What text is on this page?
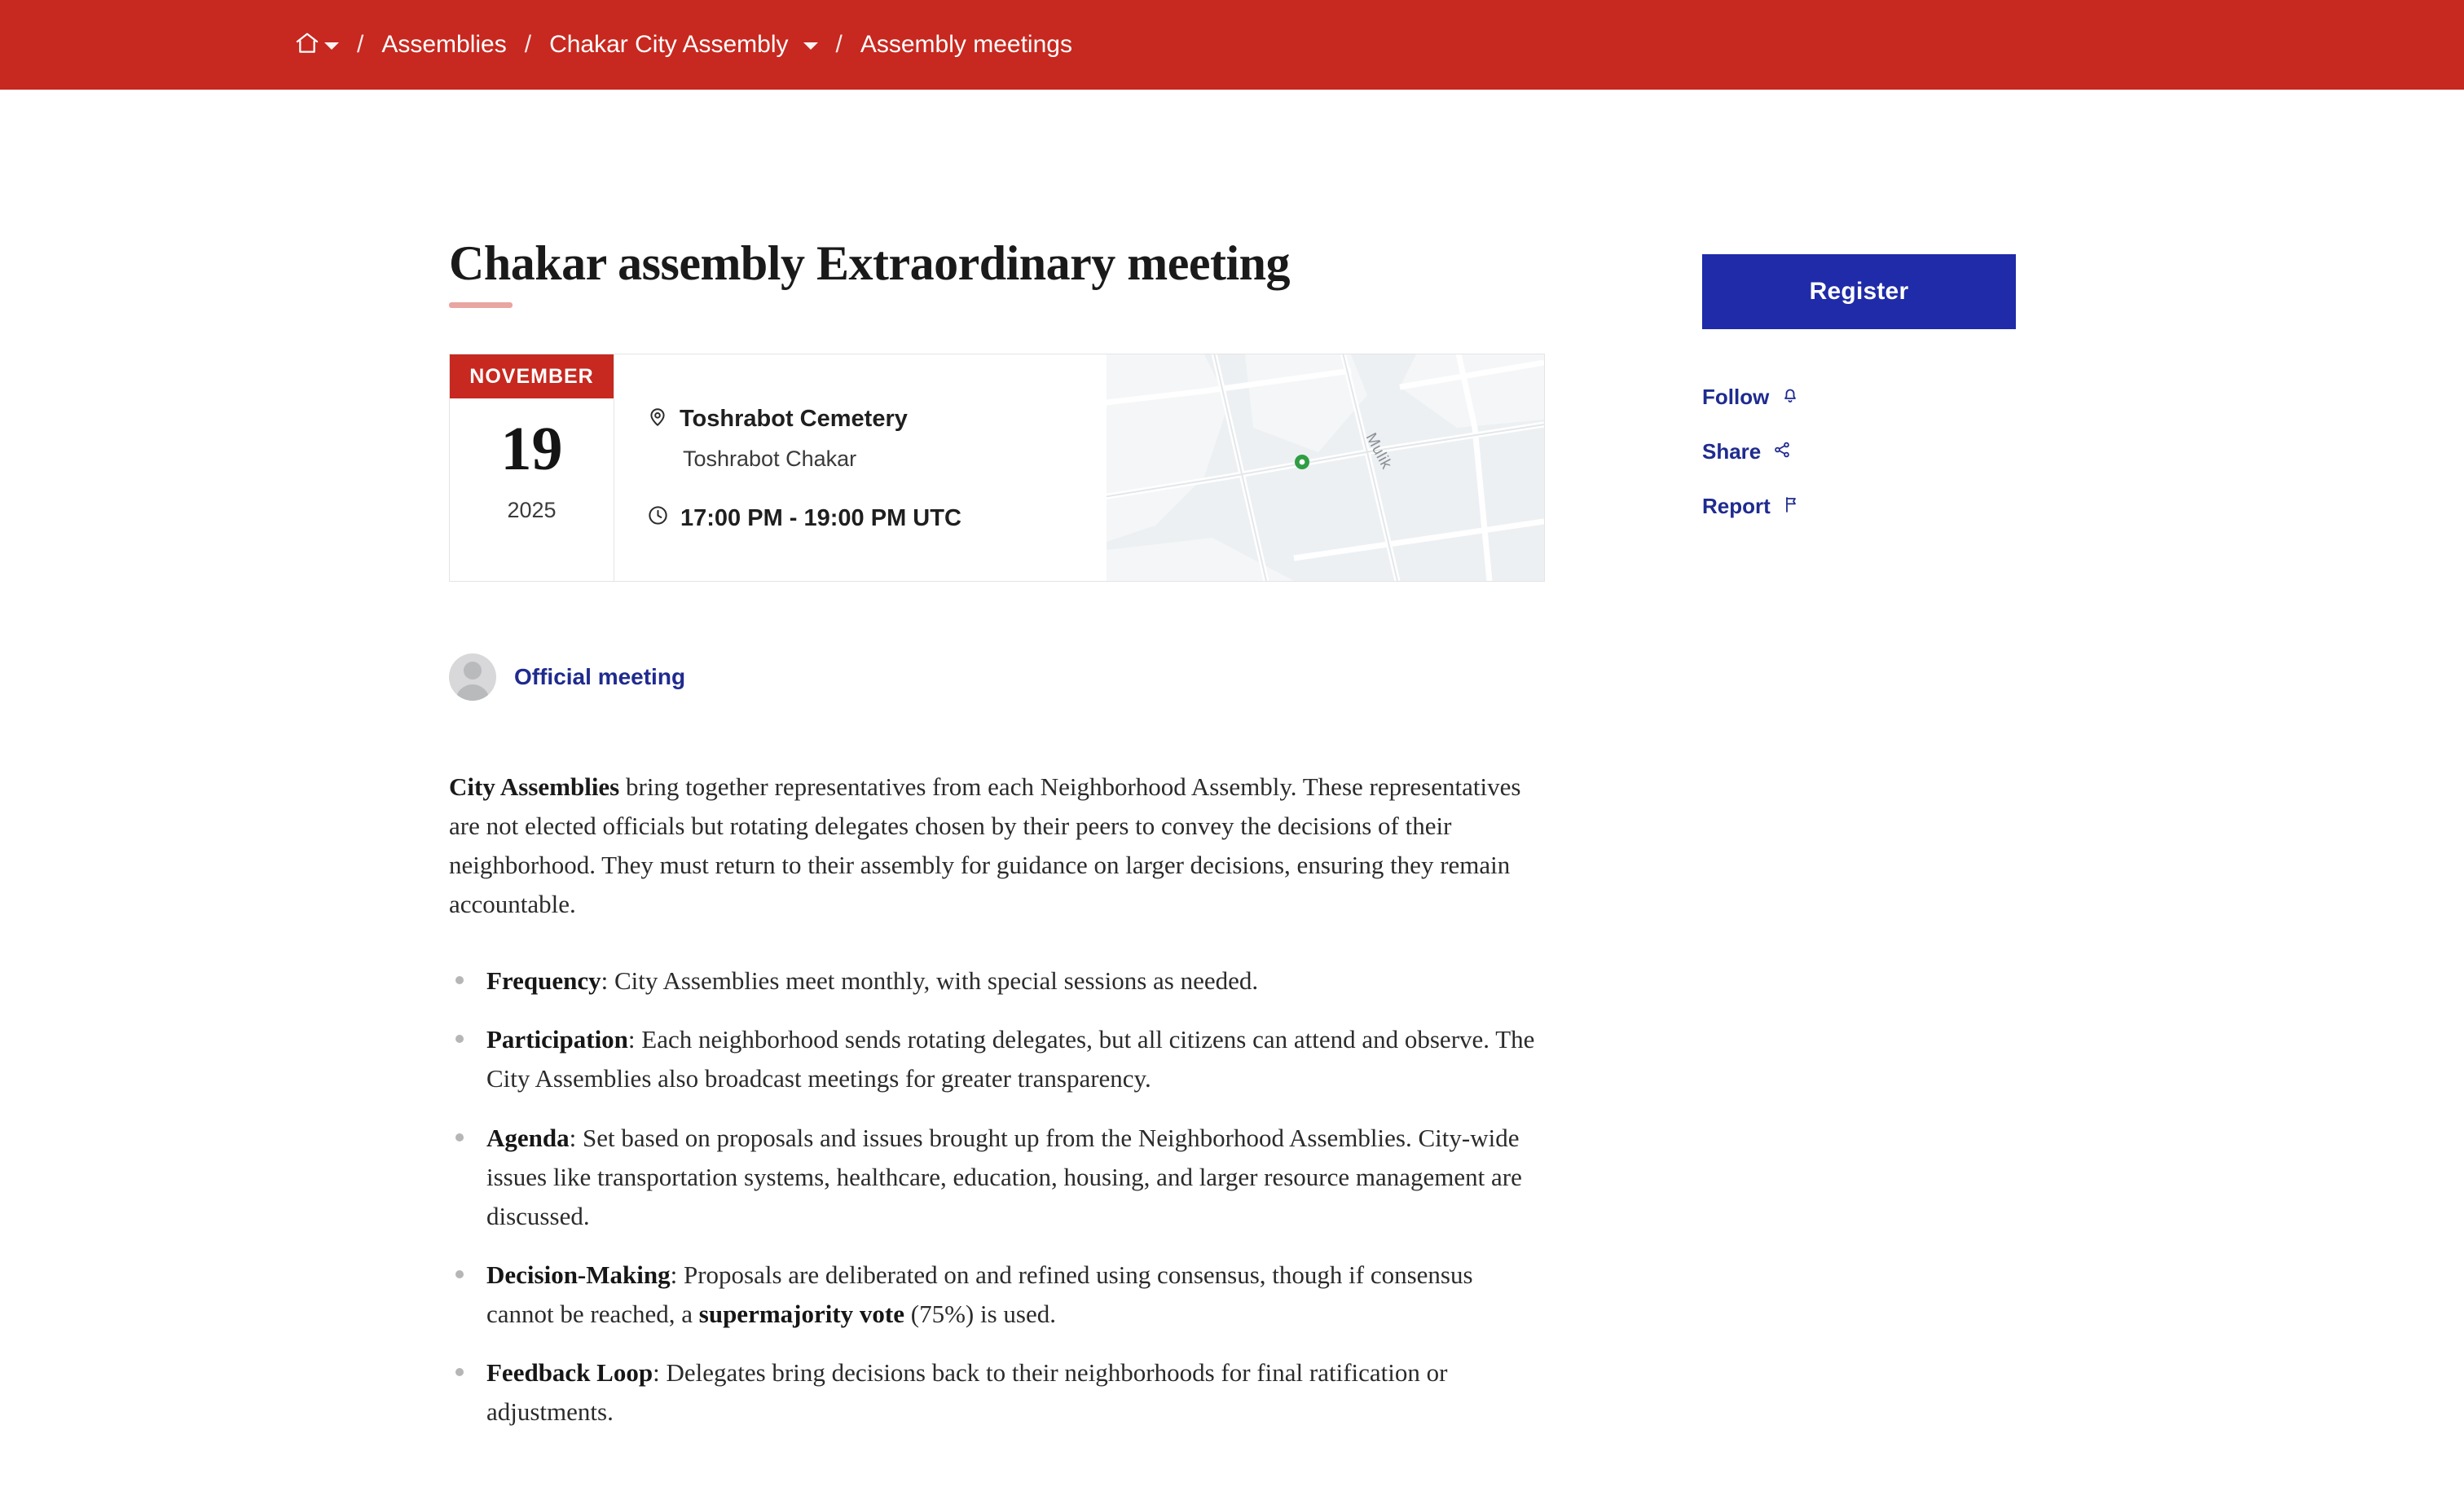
/ Assemblies / Chakar City Assembly	/ Assembly meetings
Chakar assembly Extraordinary meeting
NOVEMBER
19
2025
Toshrabot Cemetery
Toshrabot Chakar
17:00 PM - 19:00 PM UTC
Mulik
Official meeting
City Assemblies bring together representatives from each Neighborhood Assembly. These representatives are not elected officials but rotating delegates chosen by their peers to convey the decisions of their neighborhood. They must return to their assembly for guidance on larger decisions, ensuring they remain accountable.
Frequency: City Assemblies meet monthly, with special sessions as needed.
Participation: Each neighborhood sends rotating delegates, but all citizens can attend and observe. The City Assemblies also broadcast meetings for greater transparency.
Agenda: Set based on proposals and issues brought up from the Neighborhood Assemblies. City-wide issues like transportation systems, healthcare, education, housing, and larger resource management are discussed.
Decision-Making: Proposals are deliberated on and refined using consensus, though if consensus cannot be reached, a supermajority vote (75%) is used.
Feedback Loop: Delegates bring decisions back to their neighborhoods for final ratification or adjustments.
Register
Follow
Share
Report
